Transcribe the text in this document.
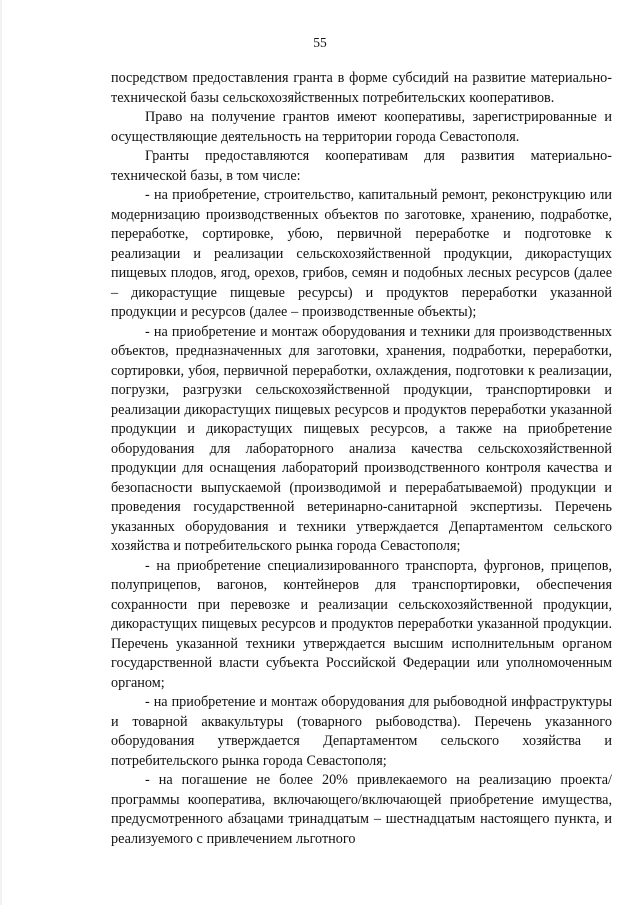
55

посредством предоставления гранта в форме субсидий на развитие материально-технической базы сельскохозяйственных потребительских кооперативов.

Право на получение грантов имеют кооперативы, зарегистрированные и осуществляющие деятельность на территории города Севастополя.

Гранты предоставляются кооперативам для развития материально-технической базы, в том числе:

- на приобретение, строительство, капитальный ремонт, реконструкцию или модернизацию производственных объектов по заготовке, хранению, подработке, переработке, сортировке, убою, первичной переработке и подготовке к реализации и реализации сельскохозяйственной продукции, дикорастущих пищевых плодов, ягод, орехов, грибов, семян и подобных лесных ресурсов (далее – дикорастущие пищевые ресурсы) и продуктов переработки указанной продукции и ресурсов (далее – производственные объекты);

- на приобретение и монтаж оборудования и техники для производственных объектов, предназначенных для заготовки, хранения, подработки, переработки, сортировки, убоя, первичной переработки, охлаждения, подготовки к реализации, погрузки, разгрузки сельскохозяйственной продукции, транспортировки и реализации дикорастущих пищевых ресурсов и продуктов переработки указанной продукции и дикорастущих пищевых ресурсов, а также на приобретение оборудования для лабораторного анализа качества сельскохозяйственной продукции для оснащения лабораторий производственного контроля качества и безопасности выпускаемой (производимой и перерабатываемой) продукции и проведения государственной ветеринарно-санитарной экспертизы. Перечень указанных оборудования и техники утверждается Департаментом сельского хозяйства и потребительского рынка города Севастополя;

- на приобретение специализированного транспорта, фургонов, прицепов, полуприцепов, вагонов, контейнеров для транспортировки, обеспечения сохранности при перевозке и реализации сельскохозяйственной продукции, дикорастущих пищевых ресурсов и продуктов переработки указанной продукции. Перечень указанной техники утверждается высшим исполнительным органом государственной власти субъекта Российской Федерации или уполномоченным органом;

- на приобретение и монтаж оборудования для рыбоводной инфраструктуры и товарной аквакультуры (товарного рыбоводства). Перечень указанного оборудования утверждается Департаментом сельского хозяйства и потребительского рынка города Севастополя;

- на погашение не более 20% привлекаемого на реализацию проекта/программы кооператива, включающего/включающей приобретение имущества, предусмотренного абзацами тринадцатым – шестнадцатым настоящего пункта, и реализуемого с привлечением льготного
